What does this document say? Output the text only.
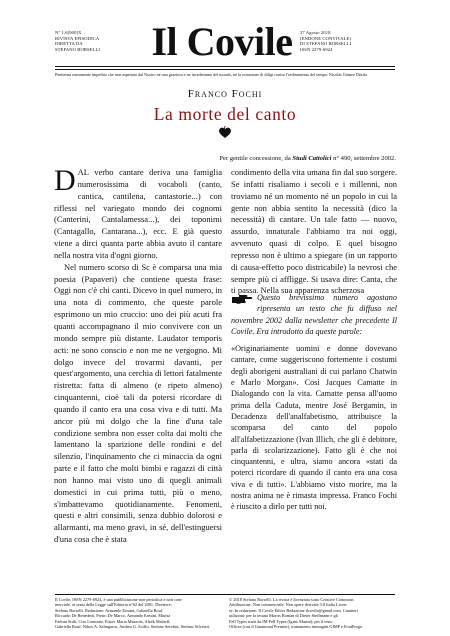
N° 1,6[900]X
RIVISTA EPISODICA
DIRETTA DA
STEFANO BORSELLI	Il Covile	27 Agosto 2018
(ENDONE CONVIVALE)
DI STEFANO BORSELLI
ISSN 2279-6924
Penitenza meramente impedito che non aspettato dal Nostro né una graziosa e ne incederanno del mondo, né la estrazione di diligi contro l'ordinamento del tempo. Nicolás Gómez Dávila
Franco Fochi
La morte del canto
Per gentile concessione, da Studi Cattolici n° 490, settembre 2002.

DAL verbo cantare deriva una famiglia numerosissima di vocaboli (canto, cantica, cantilena, cantastorie...) con riflessi nel variegato mondo dei cognomi (Canterini, Cantalamessa...), dei toponimi (Cantagallo, Cantarana...), ecc. E già questo viene a dirci quanta parte abbia avuto il cantare nella nostra vita d'ogni giorno.

Nel numero scorso di Sc è comparsa una mia poesia (Papaveri) che contiene questa frase: Oggi non c'è chi canti. Dicevo in quel numero, in una nota di commento, che queste parole esprimono un mio cruccio: uno dei più acuti fra quanti accompagnano il mio convivere con un mondo sempre più distante. Laudator temporis acti: ne sono conscio e non me ne vergogno. Mi dolgo invece del trovarmi davanti, per quest'argomento, una cerchia di lettori fatalmente ristretta: fatta di almeno (e ripeto almeno) cinquantenni, cioè tali da potersi ricordare di quando il canto era una cosa viva e di tutti. Ma ancor più mi dolgo che la fine d'una tale condizione sembra non esser colta dai molti che lamentano la sparizione delle rondini e del silenzio, l'inquinamento che ci minaccia da ogni parte e il fatto che molti bimbi e ragazzi di città non hanno mai visto uno di quegli animali domestici in cui prima tutti, più o meno, s'imbattevamo quotidianamente. Fenomeni, questi e altri consimili, senza dubbio dolorosi e allarmanti, ma meno gravi, in sé, dell'estinguersi d'una cosa che è stata

condimento della vita umana fin dal suo sorgere. Se infatti risaliamo i secoli e i millenni, non troviamo né un momento né un popolo in cui la gente non abbia sentito la necessità (dico la necessità) di cantare. Un tale fatto — nuovo, assurdo, innaturale l'abbiamo tra noi oggi, avvenuto quasi di colpo. E quel bisogno represso non è ultimo a spiegare (in un rapporto di causa-effetto poco districabile) la nevrosi che sempre più ci affligge. Si usava dire: Canta, che ti passa. Nella sua apparenza scherzosa

Questo brevissimo numero agostano ripresenta un testo che fu diffuso nel novembre 2002 dalla newsletter che precedette Il Covile. Era introdotto da queste parole:

«Originariamente uomini e donne dovevano cantare, come suggeriscono fortemente i costumi degli aborigeni australiani di cui parlano Chatwin e Marlo Morgan». Così Jacques Camatte in Dialogando con la vita. Camatte pensa all'uomo prima della Caduta, mentre José Bergamin, in Decadenza dell'analfabetismo, attribuisce la scomparsa del canto del popolo all'alfabetizzazione (Ivan Illich, che gli è debitore, parla di scolarizzazione). Fatto gli è che noi cinquantenni, e ultra, siamo ancora «stati da poterci ricordare di quando il canto era una cosa viva e di tutti». L'abbiamo visto morire, ma la nostra anima ne è rimasta impressa. Franco Fochi è riuscito a dirlo per tutti noi.

Il Covile, ISSN 2279-6924, è una pubblicazione non periodica e non com-
merciale, ai sensi della Legge sull'Editoria n°62 del 2001. Direttore:
Stefano Borselli. Redazione: Armando Ermini, Gabriella Rouf,
Riccardo De Benedetti, Pietro De Marco, Armando Ermini, Marisa
Fadoni Strik, Ciro Lomonte, Ettore Maria Mazzola, Alzek Misheff,
Gabriella Rouf, Nikos A. Salingaros, Andrea G. Sciffo, Stefano Serafini, Stefano Silvestri.
© 2018 Stefano Borselli. La rivista è licenziata sotto Creative Commons
Attribuzione. Non commerciale. Non opere derivate 3.0 Italia Licen-
se. In redazione: Il Covile Ethics Redazione ilcovile@gmail.com. Caratteri
utilizzati: per la testata Morris Roman di Dieter Steffmann e gli
Fell Types tratti da IM Fell Types (Igino Marini), per il testo
Offices (con il Garamond Premier), trattamento immagini GIMP e FontForge.
